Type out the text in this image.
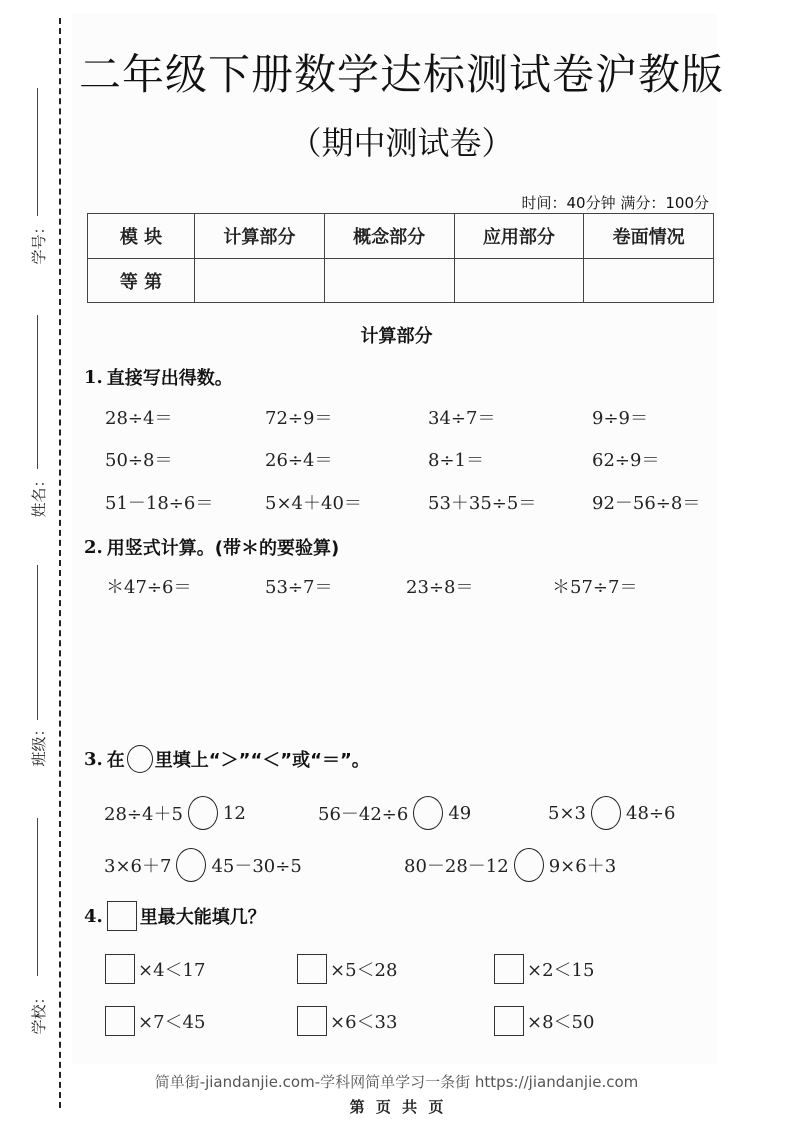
学号：
姓名：
班级：
学校：
二年级下册数学达标测试卷沪教版
（期中测试卷）
时间：40分钟 满分：100分
模 块	计算部分	概念部分	应用部分	卷面情况
等 第				
计算部分
1. 直接写出得数。
28÷4＝	72÷9＝	34÷7＝	9÷9＝
50÷8＝	26÷4＝	8÷1＝	62÷9＝
51－18÷6＝	5×4＋40＝	53＋35÷5＝	92－56÷8＝
2. 用竖式计算。(带＊的要验算)
＊47÷6＝	53÷7＝	23÷8＝	＊57÷7＝
3. 在 里填上“＞”“＜”或“＝”。
28÷4＋5 12	56－42÷6 49	5×3 48÷6
3×6＋7 45－30÷5	80－28－12 9×6＋3
4. 里最大能填几？
×4＜17	×5＜28	×2＜15
×7＜45	×6＜33	×8＜50
简单街-jiandanjie.com-学科网简单学习一条街 https://jiandanjie.com
第 页 共 页
